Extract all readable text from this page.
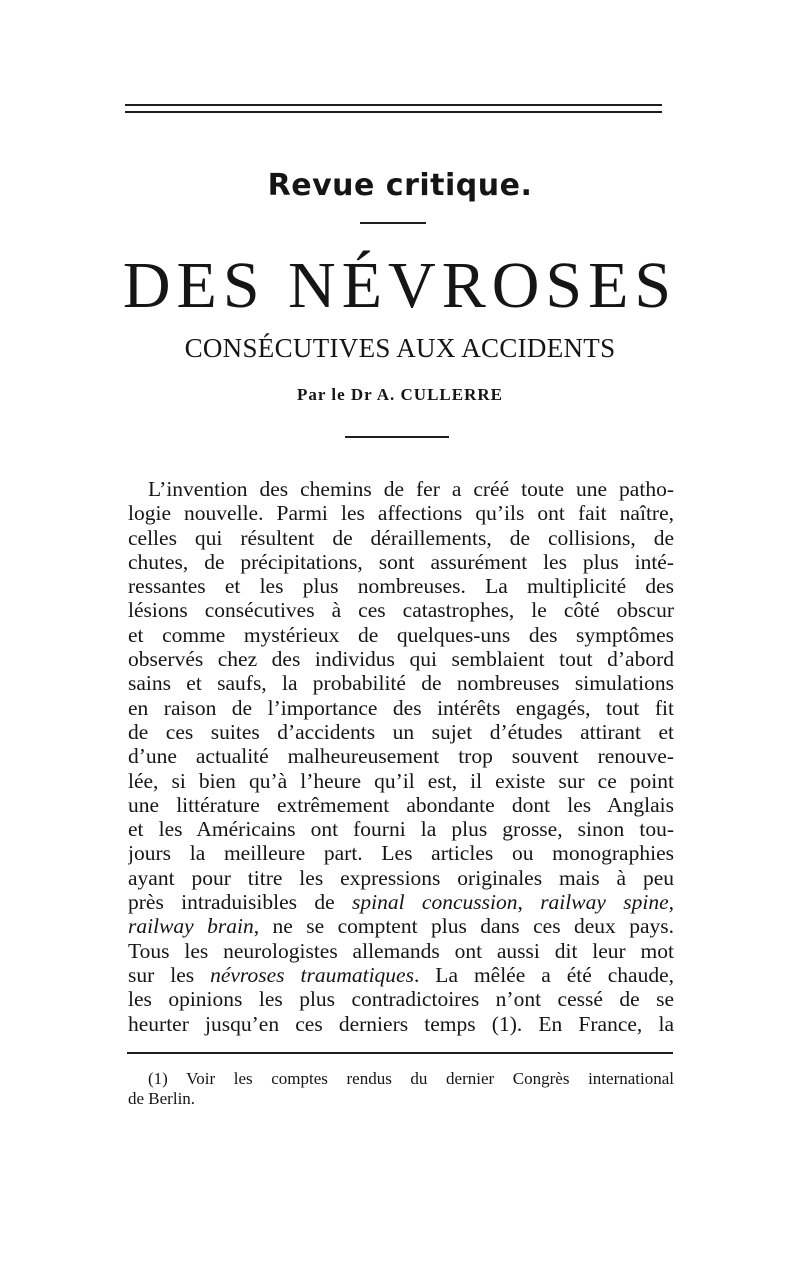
Revue critique.
DES NÉVROSES
CONSÉCUTIVES AUX ACCIDENTS
Par le Dr A. CULLERRE
L’invention des chemins de fer a créé toute une patho-
logie nouvelle. Parmi les affections qu’ils ont fait naître,
celles qui résultent de déraillements, de collisions, de
chutes, de précipitations, sont assurément les plus inté-
ressantes et les plus nombreuses. La multiplicité des
lésions consécutives à ces catastrophes, le côté obscur
et comme mystérieux de quelques-uns des symptômes
observés chez des individus qui semblaient tout d’abord
sains et saufs, la probabilité de nombreuses simulations
en raison de l’importance des intérêts engagés, tout fit
de ces suites d’accidents un sujet d’études attirant et
d’une actualité malheureusement trop souvent renouve-
lée, si bien qu’à l’heure qu’il est, il existe sur ce point
une littérature extrêmement abondante dont les Anglais
et les Américains ont fourni la plus grosse, sinon tou-
jours la meilleure part. Les articles ou monographies
ayant pour titre les expressions originales mais à peu
près intraduisibles de spinal concussion, railway spine,
railway brain, ne se comptent plus dans ces deux pays.
Tous les neurologistes allemands ont aussi dit leur mot
sur les névroses traumatiques. La mêlée a été chaude,
les opinions les plus contradictoires n’ont cessé de se
heurter jusqu’en ces derniers temps (1). En France, la
(1) Voir les comptes rendus du dernier Congrès international
de Berlin.
